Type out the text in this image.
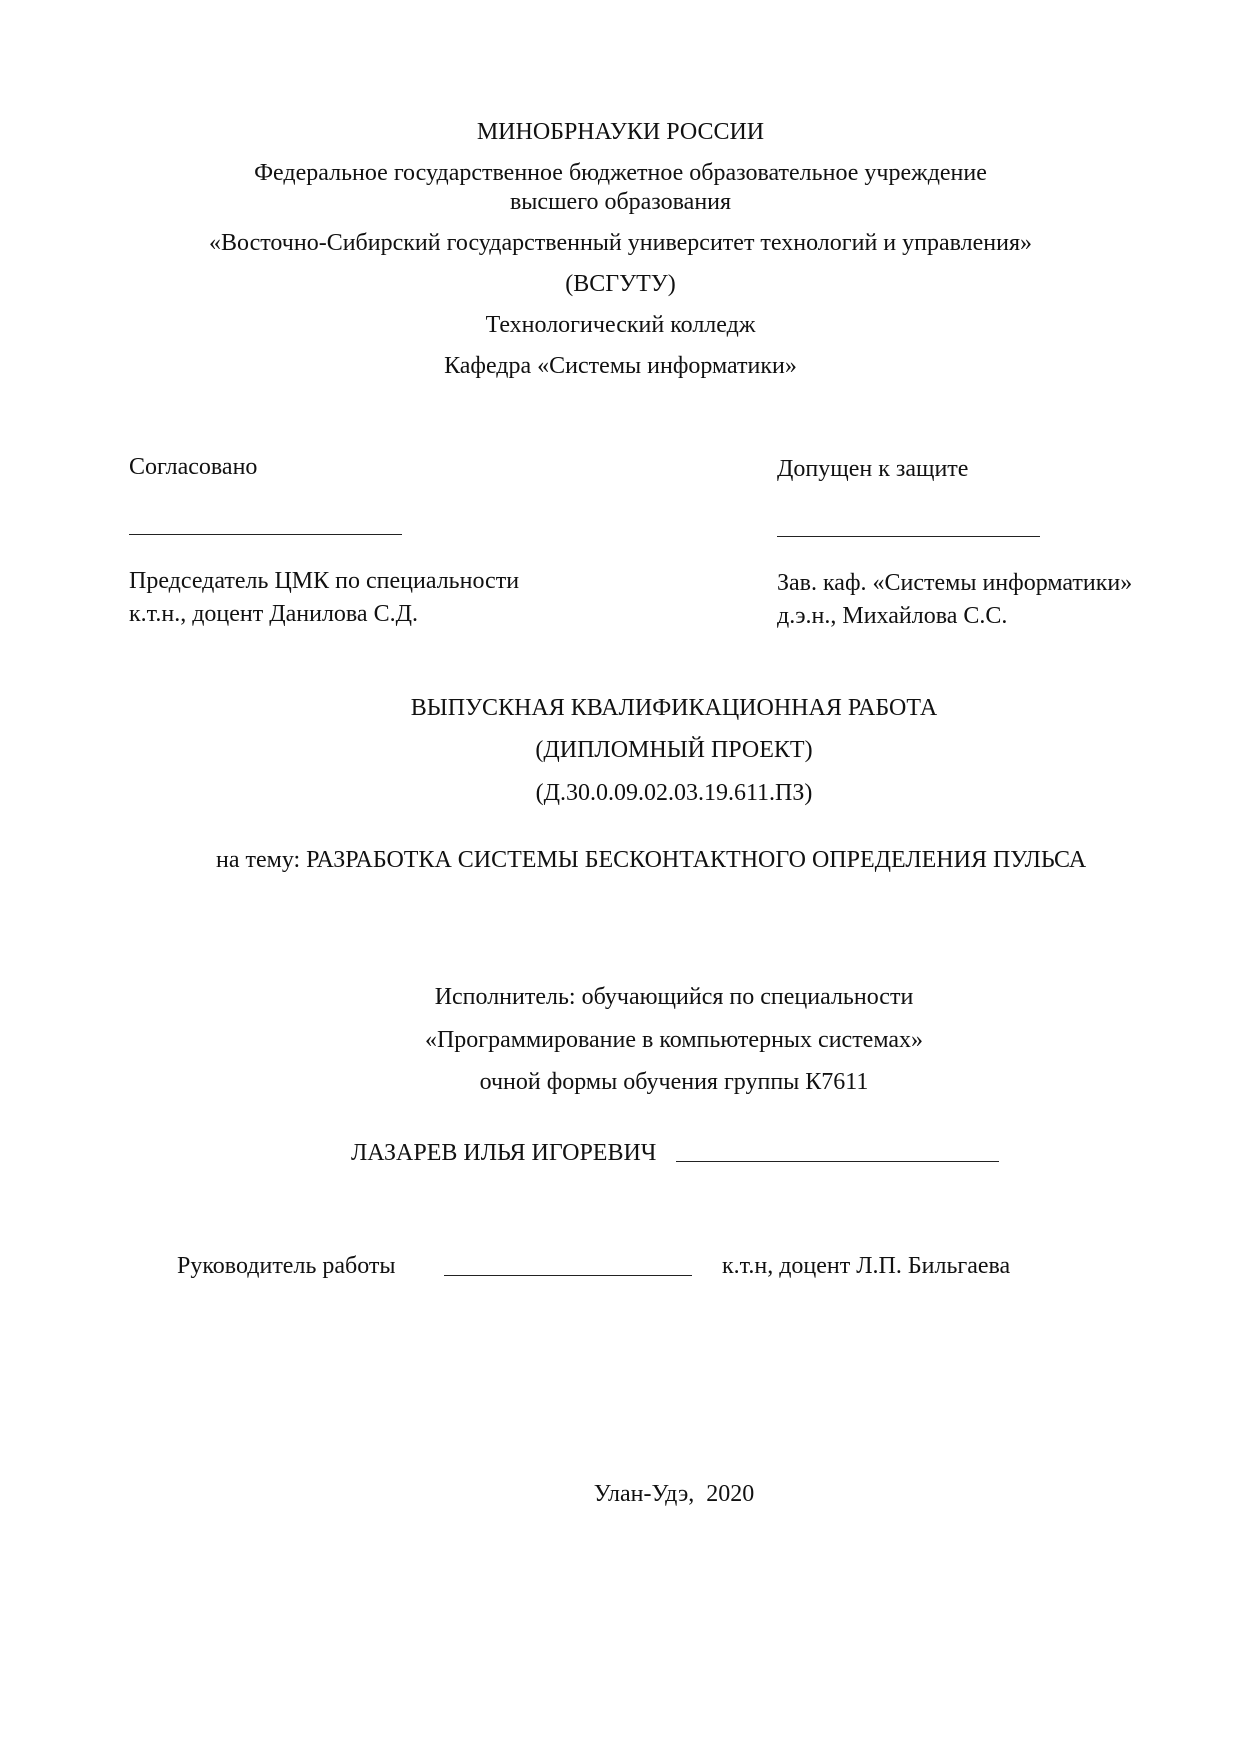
МИНОБРНАУКИ РОССИИ
Федеральное государственное бюджетное образовательное учреждение
высшего образования
«Восточно-Сибирский государственный университет технологий и управления»
(ВСГУТУ)
Технологический колледж
Кафедра «Системы информатики»
Согласовано
Председатель ЦМК по специальности
к.т.н., доцент Данилова С.Д.
Допущен к защите
Зав. каф. «Системы информатики»
д.э.н., Михайлова С.С.
ВЫПУСКНАЯ КВАЛИФИКАЦИОННАЯ РАБОТА
(ДИПЛОМНЫЙ ПРОЕКТ)
(Д.30.0.09.02.03.19.611.ПЗ)
на тему: РАЗРАБОТКА СИСТЕМЫ БЕСКОНТАКТНОГО ОПРЕДЕЛЕНИЯ ПУЛЬСА
Исполнитель: обучающийся по специальности
«Программирование в компьютерных системах»
очной формы обучения группы К7611
ЛАЗАРЕВ ИЛЬЯ ИГОРЕВИЧ
Руководитель работы	к.т.н, доцент Л.П. Бильгаева
Улан-Удэ,  2020
